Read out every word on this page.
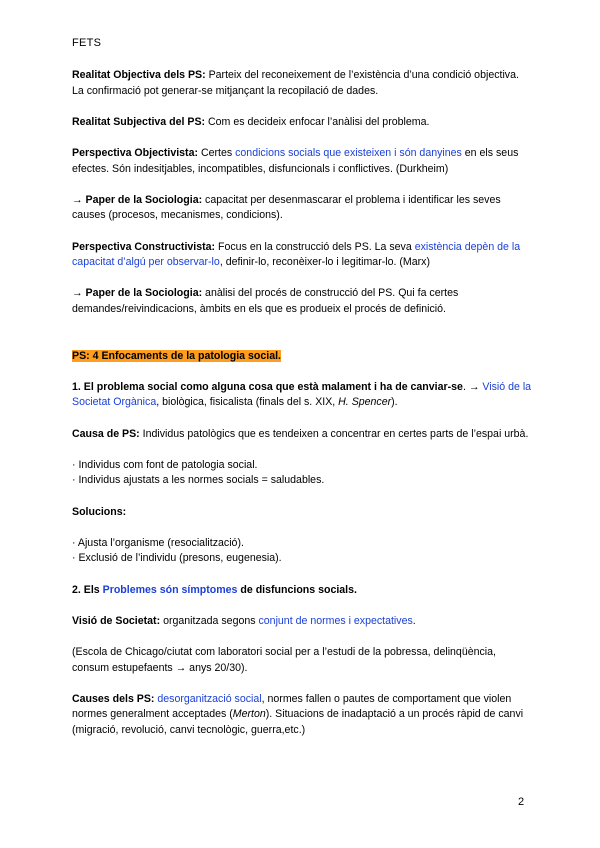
FETS

Realitat Objectiva dels PS: Parteix del reconeixement de l’existència d’una condició objectiva. La confirmació pot generar-se mitjançant la recopilació de dades.

Realitat Subjectiva del PS: Com es decideix enfocar l’anàlisi del problema.

Perspectiva Objectivista: Certes condicions socials que existeixen i són danyines en els seus efectes. Són indesitjables, incompatibles, disfuncionals i conflictives. (Durkheim)

→ Paper de la Sociologia: capacitat per desenmascarar el problema i identificar les seves causes (procesos, mecanismes, condicions).

Perspectiva Constructivista: Focus en la construcció dels PS. La seva existència depèn de la capacitat d’algú per observar-lo, definir-lo, reconèixer-lo i legitimar-lo. (Marx)

→ Paper de la Sociologia: anàlisi del procés de construcció del PS. Qui fa certes demandes/reivindicacions, àmbits en els que es produeix el procés de definició.

PS: 4 Enfocaments de la patologia social.

1. El problema social como alguna cosa que està malament i ha de canviar-se. → Visió de la Societat Orgànica, biològica, fisicalista (finals del s. XIX, H. Spencer).

Causa de PS: Individus patològics que es tendeixen a concentrar en certes parts de l’espai urbà.

· Individus com font de patologia social.

· Individus ajustats a les normes socials = saludables.

Solucions:

· Ajusta l’organisme (resocialització).

· Exclusió de l’individu (presons, eugenesia).

2. Els Problemes són símptomes de disfuncions socials.

Visió de Societat: organitzada segons conjunt de normes i expectatives.

(Escola de Chicago/ciutat com laboratori social per a l’estudi de la pobressa, delinqüència, consum estupefaents → anys 20/30).

Causes dels PS: desorganització social, normes fallen o pautes de comportament que violen normes generalment acceptades (Merton). Situacions de inadaptació a un procés ràpid de canvi (migració, revolució, canvi tecnològic, guerra,etc.)

2
